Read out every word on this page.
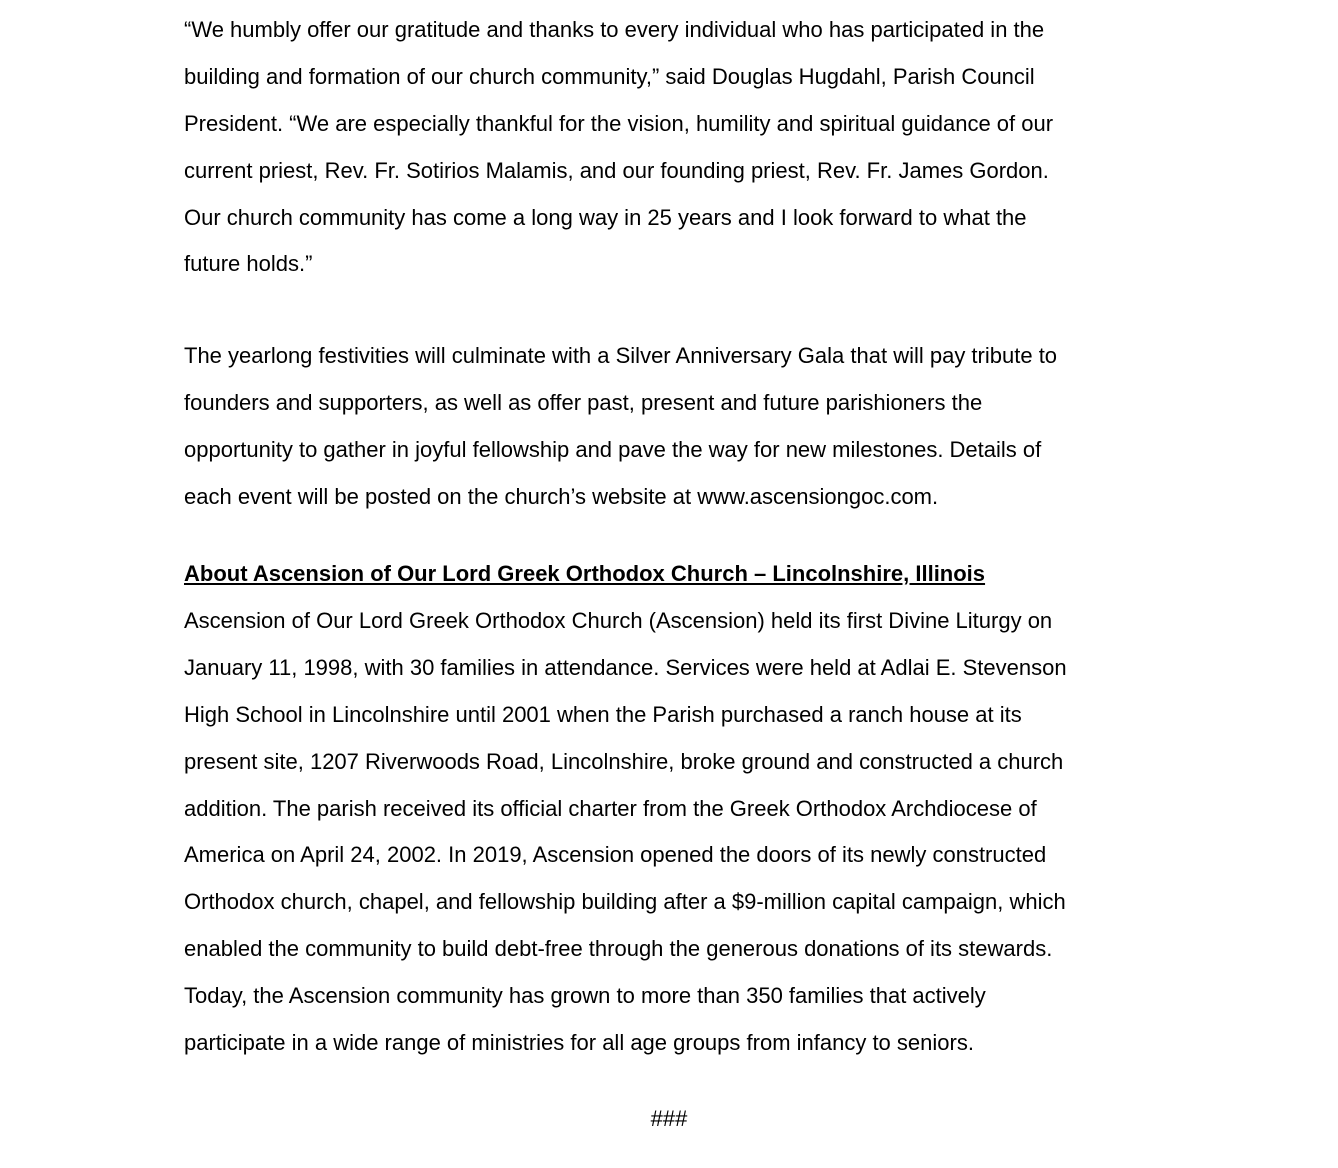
“We humbly offer our gratitude and thanks to every individual who has participated in the
building and formation of our church community,” said Douglas Hugdahl, Parish Council
President. “We are especially thankful for the vision, humility and spiritual guidance of our
current priest, Rev. Fr. Sotirios Malamis, and our founding priest, Rev. Fr. James Gordon.
Our church community has come a long way in 25 years and I look forward to what the
future holds.”

The yearlong festivities will culminate with a Silver Anniversary Gala that will pay tribute to
founders and supporters, as well as offer past, present and future parishioners the
opportunity to gather in joyful fellowship and pave the way for new milestones. Details of
each event will be posted on the church’s website at www.ascensiongoc.com.

About Ascension of Our Lord Greek Orthodox Church – Lincolnshire, Illinois

Ascension of Our Lord Greek Orthodox Church (Ascension) held its first Divine Liturgy on
January 11, 1998, with 30 families in attendance. Services were held at Adlai E. Stevenson
High School in Lincolnshire until 2001 when the Parish purchased a ranch house at its
present site, 1207 Riverwoods Road, Lincolnshire, broke ground and constructed a church
addition. The parish received its official charter from the Greek Orthodox Archdiocese of
America on April 24, 2002. In 2019, Ascension opened the doors of its newly constructed
Orthodox church, chapel, and fellowship building after a $9-million capital campaign, which
enabled the community to build debt-free through the generous donations of its stewards.
Today, the Ascension community has grown to more than 350 families that actively
participate in a wide range of ministries for all age groups from infancy to seniors.

###
